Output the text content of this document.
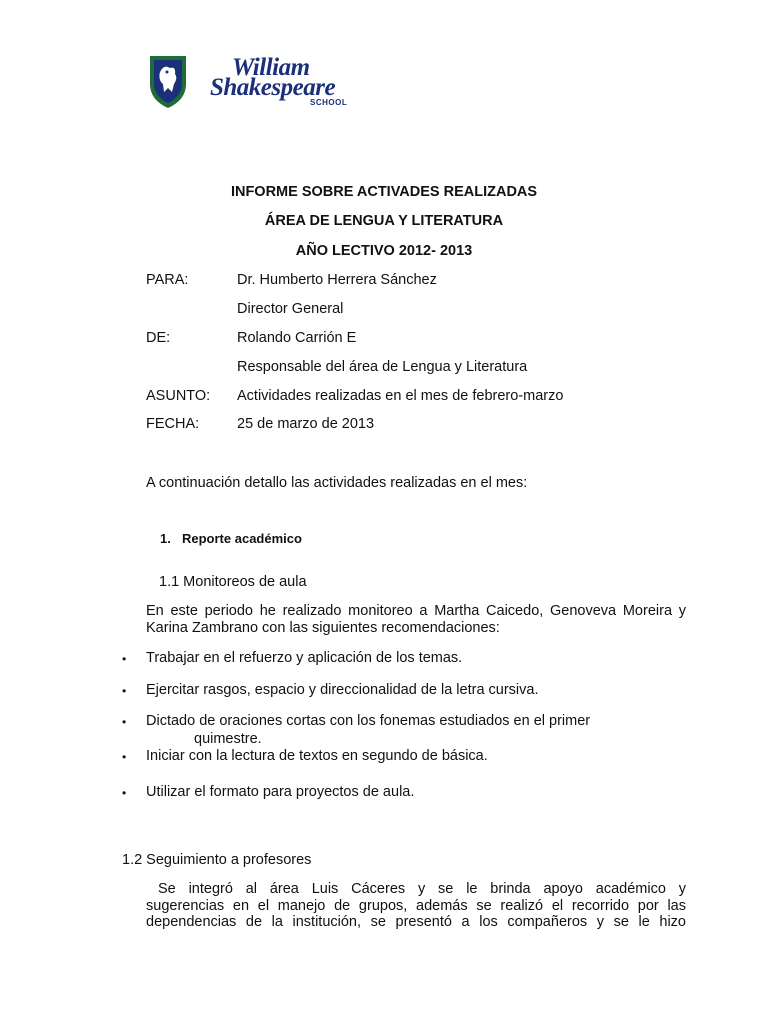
William
Shakespeare
SCHOOL
INFORME SOBRE ACTIVADES REALIZADAS
ÁREA DE LENGUA Y LITERATURA
AÑO LECTIVO 2012- 2013
PARA:	Dr. Humberto Herrera Sánchez
Director General
DE:	Rolando Carrión E
Responsable del área de Lengua y Literatura
ASUNTO: Actividades realizadas en el mes de febrero-marzo
FECHA:	25 de marzo de 2013
A continuación detallo las actividades realizadas en el mes:
1. Reporte académico
1.1 Monitoreos de aula
En este periodo he realizado monitoreo a Martha Caicedo, Genoveva Moreira y Karina Zambrano con las siguientes recomendaciones:
• Trabajar en el refuerzo y aplicación de los temas.
• Ejercitar rasgos, espacio y direccionalidad de la letra cursiva.
• Dictado de oraciones cortas con los fonemas estudiados en el primer
quimestre.
• Iniciar con la lectura de textos en segundo de básica.
• Utilizar el formato para proyectos de aula.
1.2 Seguimiento a profesores
Se integró al área Luis Cáceres y se le brinda apoyo académico y
sugerencias en el manejo de grupos, además se realizó el recorrido por las
dependencias de la institución, se presentó a los compañeros y se le hizo
